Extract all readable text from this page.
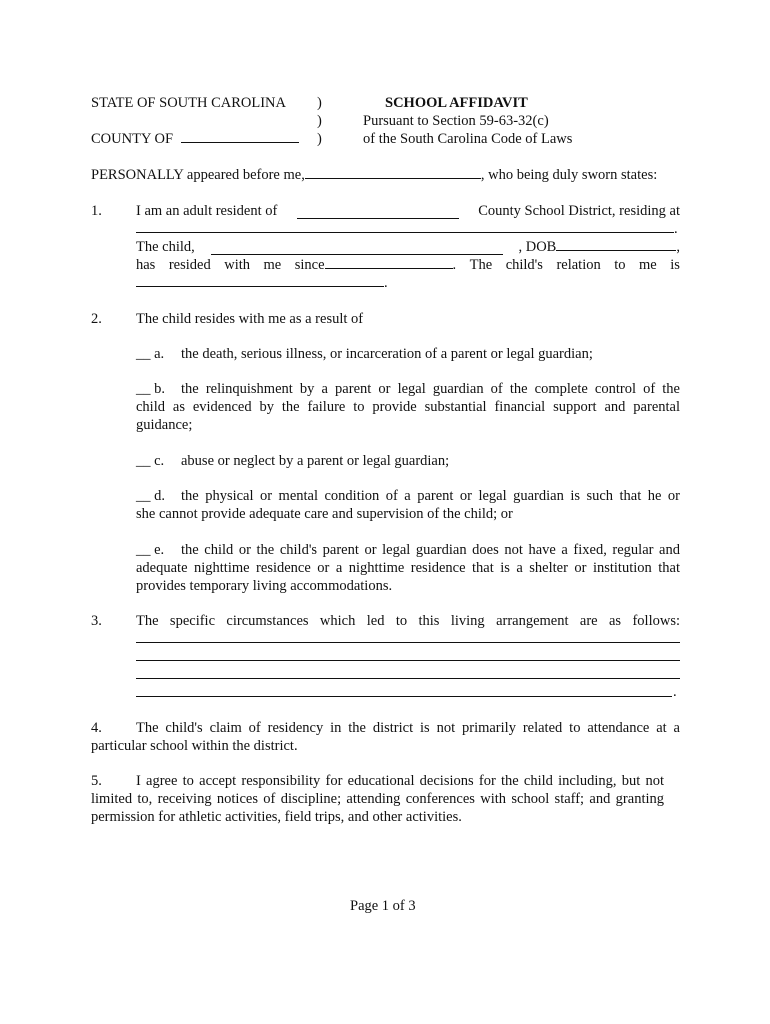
STATE OF SOUTH CAROLINA )
)
)
COUNTY OF
SCHOOL AFFIDAVIT
Pursuant to Section 59-63-32(c)
of the South Carolina Code of Laws
PERSONALLY appeared before me,	, who being duly sworn states:
1. I am an adult resident of	County School District, residing at
.
The child,	, DOB	,
has resided with me since	. The child's relation to me is
.
2. The child resides with me as a result of
__ a. the death, serious illness, or incarceration of a parent or legal guardian;
__ b. the relinquishment by a parent or legal guardian of the complete control of the
child as evidenced by the failure to provide substantial financial support and parental
guidance;
__ c. abuse or neglect by a parent or legal guardian;
__ d. the physical or mental condition of a parent or legal guardian is such that he or
she cannot provide adequate care and supervision of the child; or
__ e. the child or the child's parent or legal guardian does not have a fixed, regular and
adequate nighttime residence or a nighttime residence that is a shelter or institution that
provides temporary living accommodations.
3. The specific circumstances which led to this living arrangement are as follows:
.
4. The child's claim of residency in the district is not primarily related to attendance at a
particular school within the district.
5. I agree to accept responsibility for educational decisions for the child including, but not
limited to, receiving notices of discipline; attending conferences with school staff; and granting
permission for athletic activities, field trips, and other activities.
Page 1 of 3
